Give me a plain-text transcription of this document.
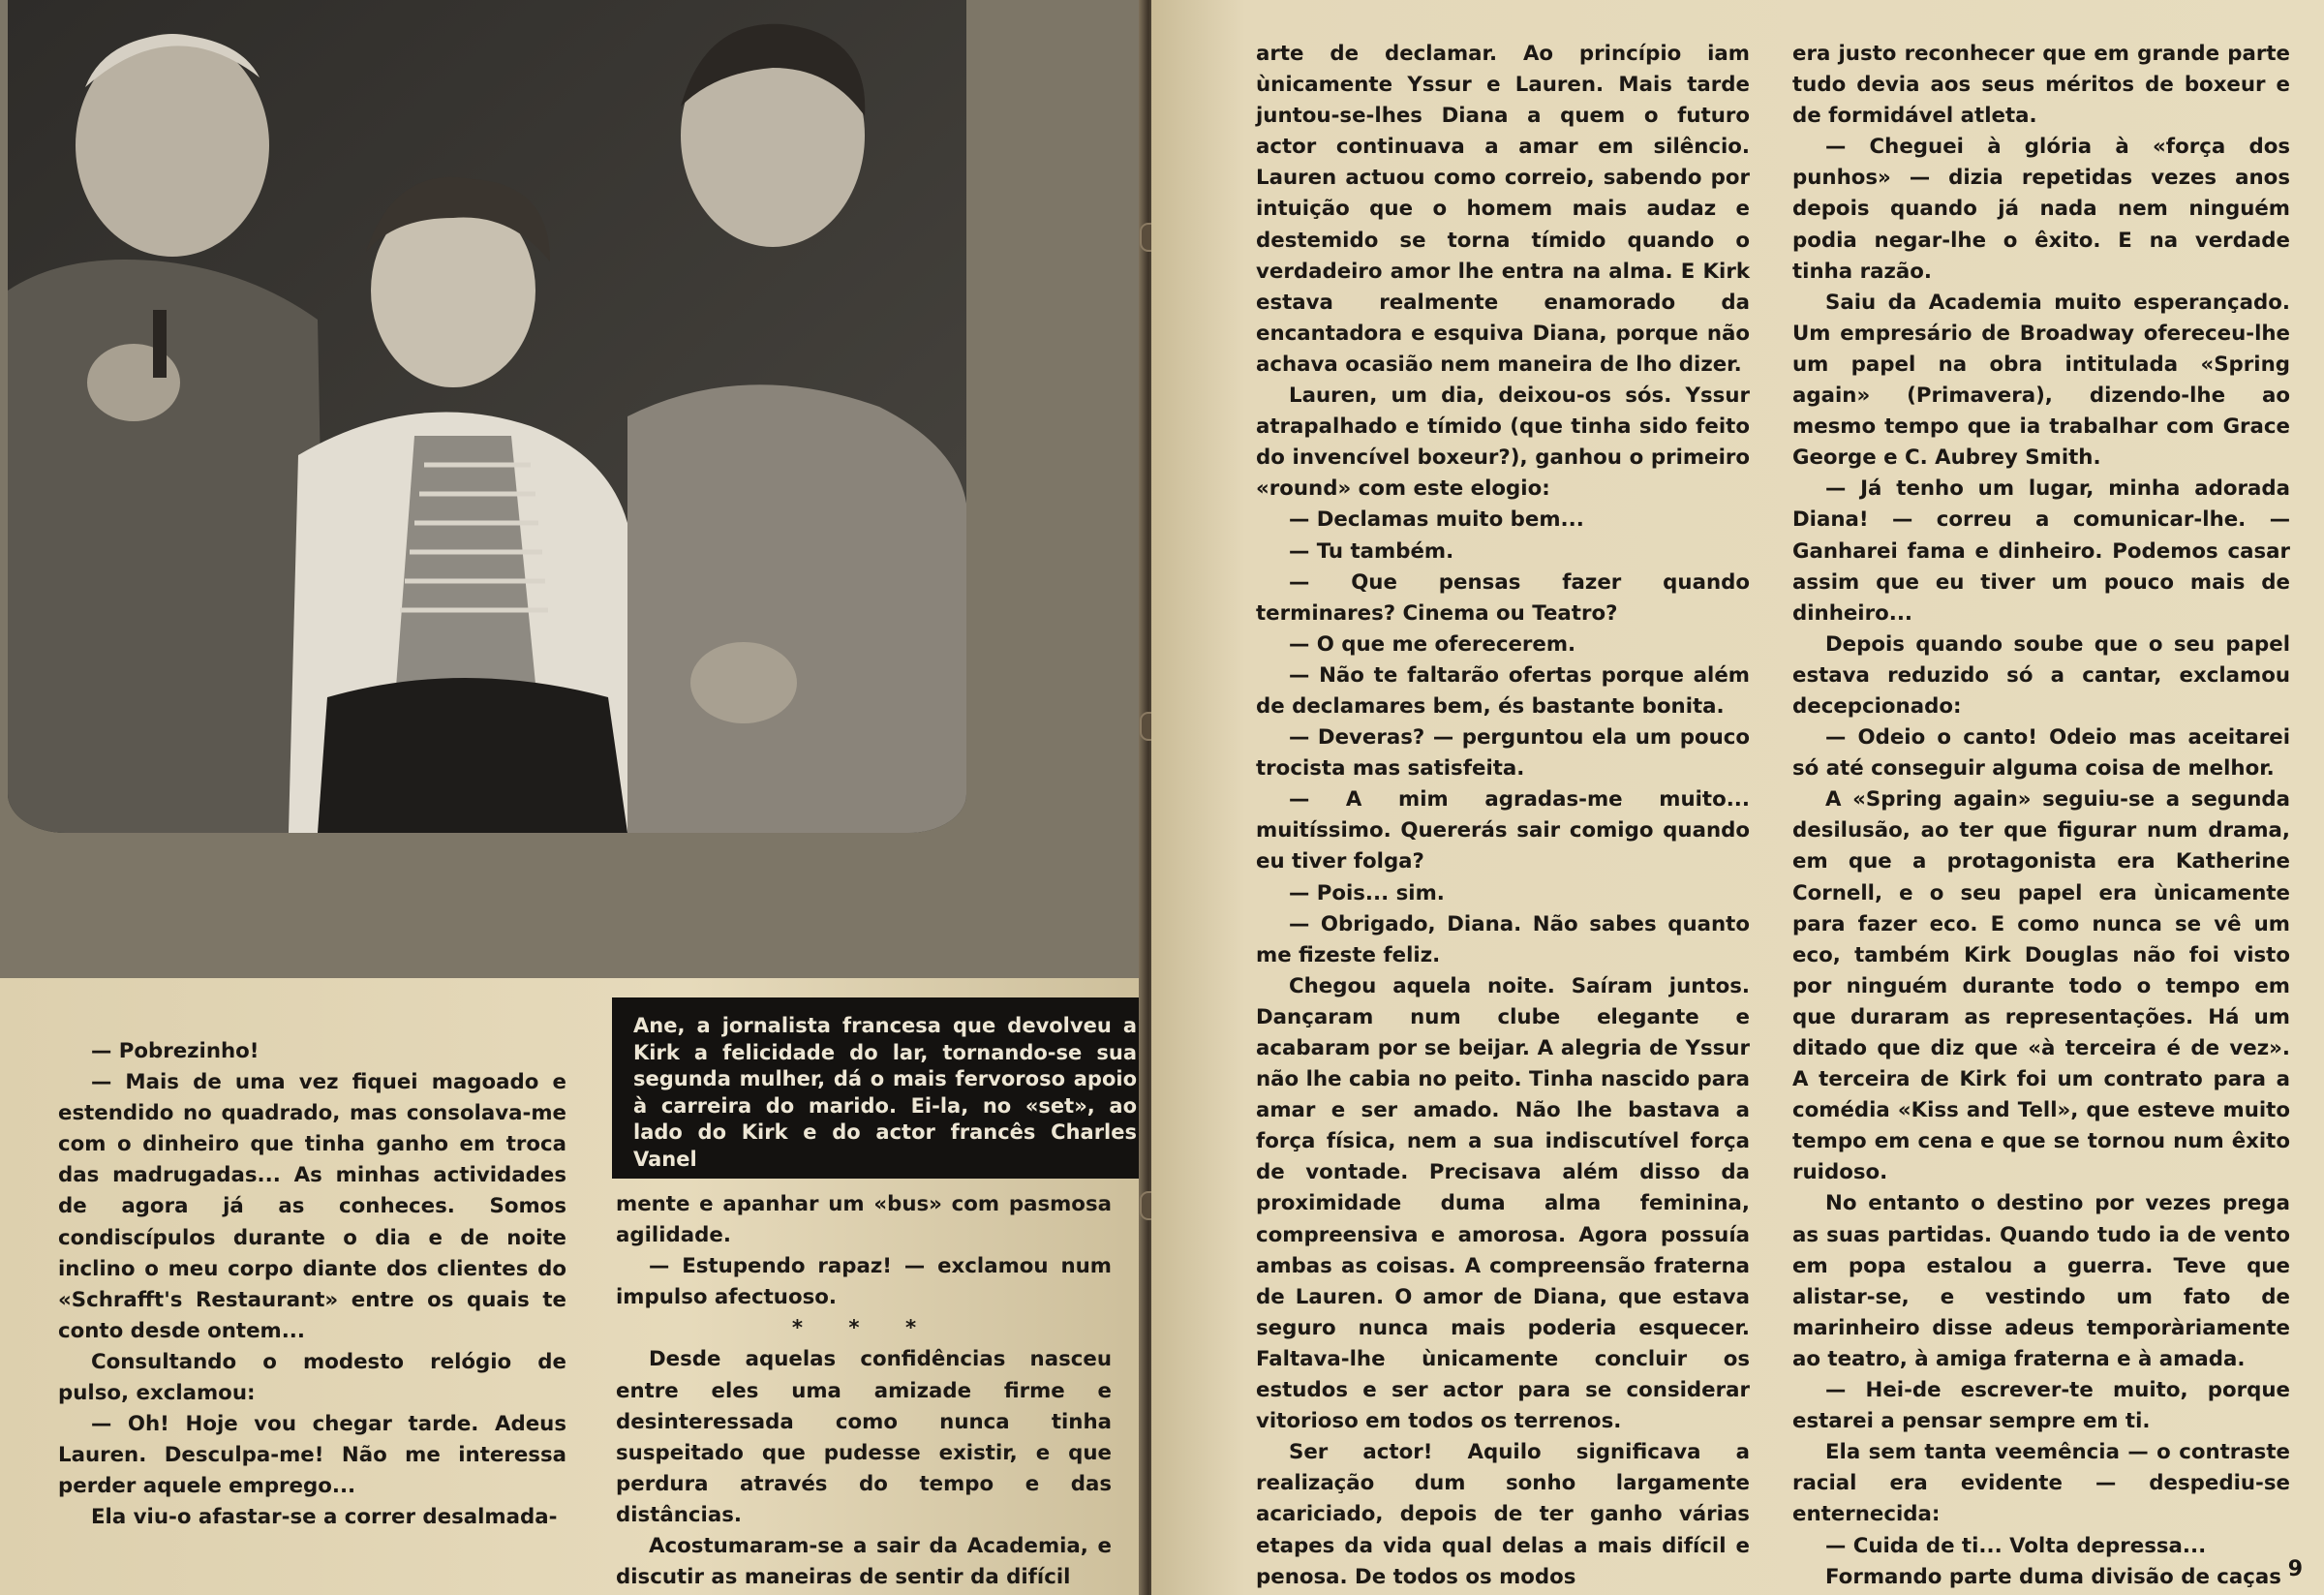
Ane, a jornalista francesa que devolveu a Kirk a felicidade do lar, tornando-se sua segunda mulher, dá o mais fervoroso apoio à carreira do marido. Ei-la, no «set», ao lado do Kirk e do actor francês Charles Vanel

— Pobrezinho!

— Mais de uma vez fiquei magoado e estendido no quadrado, mas consolava-me com o dinheiro que tinha ganho em troca das madrugadas... As minhas actividades de agora já as conheces. Somos condiscípulos durante o dia e de noite inclino o meu corpo diante dos clientes do «Schrafft's Restaurant» entre os quais te conto desde ontem...

Consultando o modesto relógio de pulso, exclamou:

— Oh! Hoje vou chegar tarde. Adeus Lauren. Desculpa-me! Não me interessa perder aquele emprego...

Ela viu-o afastar-se a correr desalmada-

mente e apanhar um «bus» com pasmosa agilidade.

— Estupendo rapaz! — exclamou num impulso afectuoso.

* * *

Desde aquelas confidências nasceu entre eles uma amizade firme e desinteressada como nunca tinha suspeitado que pudesse existir, e que perdura através do tempo e das distâncias.

Acostumaram-se a sair da Academia, e discutir as maneiras de sentir da difícil

arte de declamar. Ao princípio iam ùnicamente Yssur e Lauren. Mais tarde juntou-se-lhes Diana a quem o futuro actor continuava a amar em silêncio. Lauren actuou como correio, sabendo por intuição que o homem mais audaz e destemido se torna tímido quando o verdadeiro amor lhe entra na alma. E Kirk estava realmente enamorado da encantadora e esquiva Diana, porque não achava ocasião nem maneira de lho dizer.

Lauren, um dia, deixou-os sós. Yssur atrapalhado e tímido (que tinha sido feito do invencível boxeur?), ganhou o primeiro «round» com este elogio:

— Declamas muito bem...

— Tu também.

— Que pensas fazer quando terminares? Cinema ou Teatro?

— O que me oferecerem.

— Não te faltarão ofertas porque além de declamares bem, és bastante bonita.

— Deveras? — perguntou ela um pouco trocista mas satisfeita.

— A mim agradas-me muito... muitíssimo. Quererás sair comigo quando eu tiver folga?

— Pois... sim.

— Obrigado, Diana. Não sabes quanto me fizeste feliz.

Chegou aquela noite. Saíram juntos. Dançaram num clube elegante e acabaram por se beijar. A alegria de Yssur não lhe cabia no peito. Tinha nascido para amar e ser amado. Não lhe bastava a força física, nem a sua indiscutível força de vontade. Precisava além disso da proximidade duma alma feminina, compreensiva e amorosa. Agora possuía ambas as coisas. A compreensão fraterna de Lauren. O amor de Diana, que estava seguro nunca mais poderia esquecer. Faltava-lhe ùnicamente concluir os estudos e ser actor para se considerar vitorioso em todos os terrenos.

Ser actor! Aquilo significava a realização dum sonho largamente acariciado, depois de ter ganho várias etapes da vida qual delas a mais difícil e penosa. De todos os modos

era justo reconhecer que em grande parte tudo devia aos seus méritos de boxeur e de formidável atleta.

— Cheguei à glória à «força dos punhos» — dizia repetidas vezes anos depois quando já nada nem ninguém podia negar-lhe o êxito. E na verdade tinha razão.

Saiu da Academia muito esperançado. Um empresário de Broadway ofereceu-lhe um papel na obra intitulada «Spring again» (Primavera), dizendo-lhe ao mesmo tempo que ia trabalhar com Grace George e C. Aubrey Smith.

— Já tenho um lugar, minha adorada Diana! — correu a comunicar-lhe. — Ganharei fama e dinheiro. Podemos casar assim que eu tiver um pouco mais de dinheiro...

Depois quando soube que o seu papel estava reduzido só a cantar, exclamou decepcionado:

— Odeio o canto! Odeio mas aceitarei só até conseguir alguma coisa de melhor.

A «Spring again» seguiu-se a segunda desilusão, ao ter que figurar num drama, em que a protagonista era Katherine Cornell, e o seu papel era ùnicamente para fazer eco. E como nunca se vê um eco, também Kirk Douglas não foi visto por ninguém durante todo o tempo em que duraram as representações. Há um ditado que diz que «à terceira é de vez». A terceira de Kirk foi um contrato para a comédia «Kiss and Tell», que esteve muito tempo em cena e que se tornou num êxito ruidoso.

No entanto o destino por vezes prega as suas partidas. Quando tudo ia de vento em popa estalou a guerra. Teve que alistar-se, e vestindo um fato de marinheiro disse adeus temporàriamente ao teatro, à amiga fraterna e à amada.

— Hei-de escrever-te muito, porque estarei a pensar sempre em ti.

Ela sem tanta veemência — o contraste racial era evidente — despediu-se enternecida:

— Cuida de ti... Volta depressa...

Formando parte duma divisão de caças 9
